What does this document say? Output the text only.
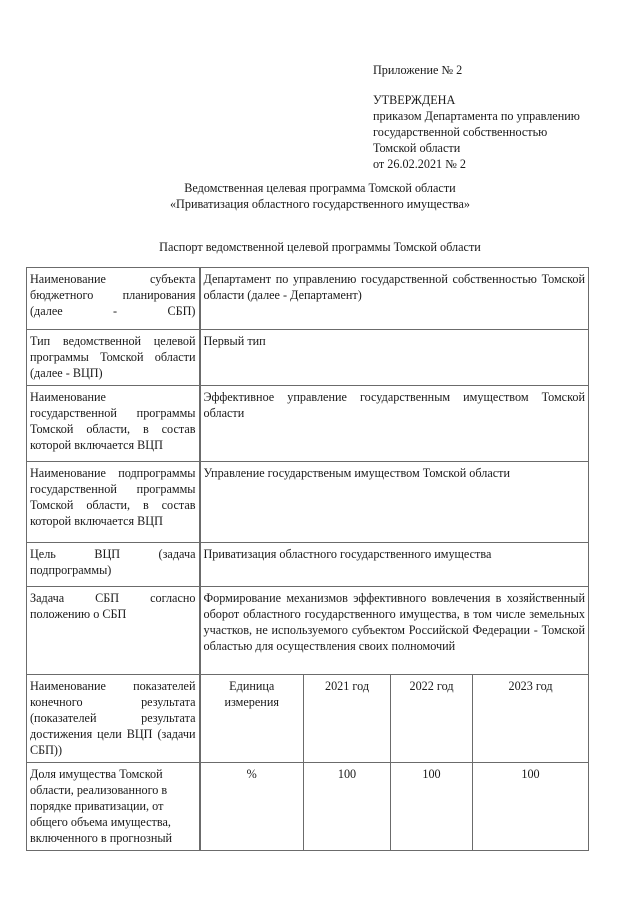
Приложение № 2
УТВЕРЖДЕНА
приказом Департамента по управлению
государственной собственностью
Томской области
от 26.02.2021 № 2
Ведомственная целевая программа Томской области
«Приватизация областного государственного имущества»
Паспорт ведомственной целевой программы Томской области
Наименование субъекта бюджетного планирования (далее - СБП)	Департамент по управлению государственной собственностью Томской области (далее - Департамент)			
Тип ведомственной целевой программы Томской области (далее - ВЦП)	Первый тип			
Наименование государственной программы Томской области, в состав которой включается ВЦП	Эффективное управление государственным имуществом Томской области			
Наименование подпрограммы государственной программы Томской области, в состав которой включается ВЦП	Управление государственым имуществом Томской области			
Цель ВЦП (задача подпрограммы)	Приватизация областного государственного имущества			
Задача СБП согласно положению о СБП	Формирование механизмов эффективного вовлечения в хозяйственный оборот областного государственного имущества, в том числе земельных участков, не используемого субъектом Российской Федерации - Томской областью для осуществления своих полномочий			
Наименование показателей конечного результата (показателей результата достижения цели ВЦП (задачи СБП))	Единица измерения	2021 год	2022 год	2023 год
Доля имущества Томской области, реализованного в порядке приватизации, от общего объема имущества, включенного в прогнозный	%	100	100	100
